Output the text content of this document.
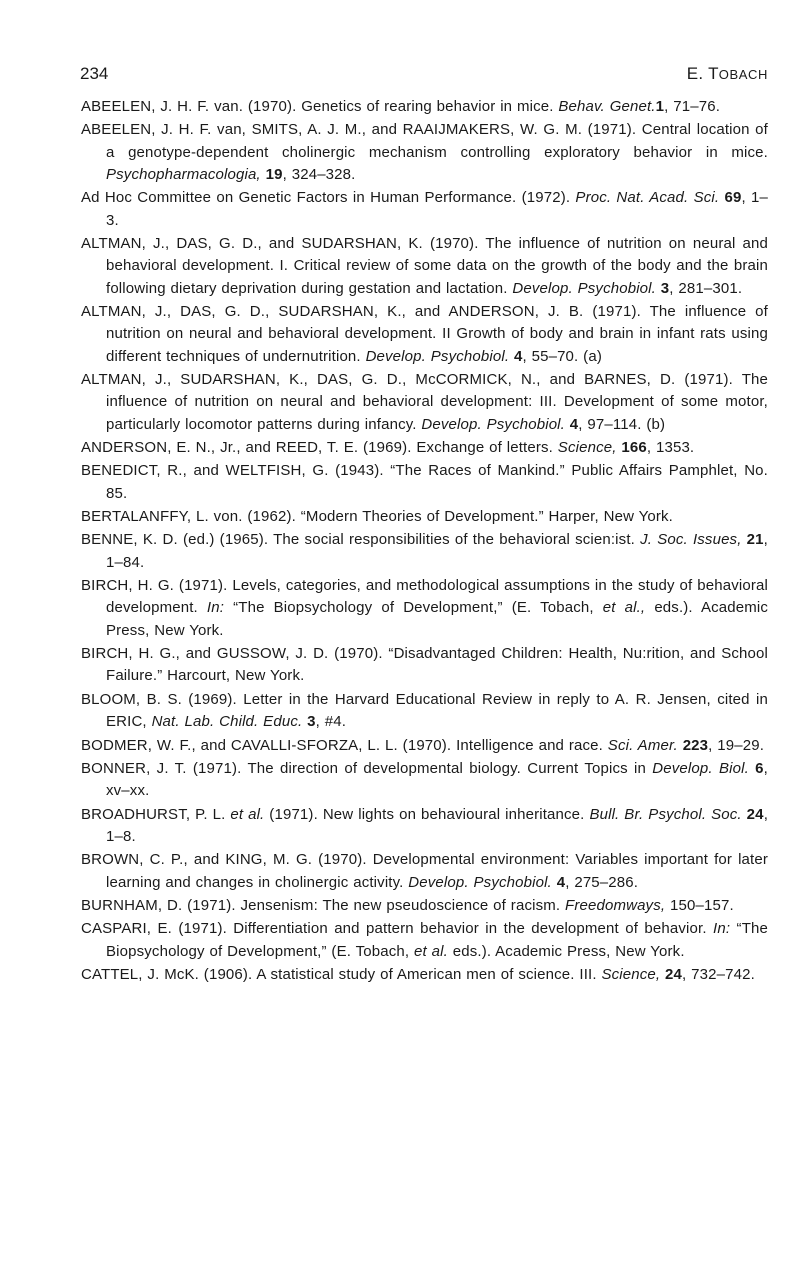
234	E. TOBACH

ABEELEN, J. H. F. van. (1970). Genetics of rearing behavior in mice. Behav. Genet.1, 71–76.

ABEELEN, J. H. F. van, SMITS, A. J. M., and RAAIJMAKERS, W. G. M. (1971). Central location of a genotype-dependent cholinergic mechanism controlling exploratory behavior in mice. Psychopharmacologia, 19, 324–328.

Ad Hoc Committee on Genetic Factors in Human Performance. (1972). Proc. Nat. Acad. Sci. 69, 1–3.

ALTMAN, J., DAS, G. D., and SUDARSHAN, K. (1970). The influence of nutrition on neural and behavioral development. I. Critical review of some data on the growth of the body and the brain following dietary deprivation during gestation and lactation. Develop. Psychobiol. 3, 281–301.

ALTMAN, J., DAS, G. D., SUDARSHAN, K., and ANDERSON, J. B. (1971). The influence of nutrition on neural and behavioral development. II Growth of body and brain in infant rats using different techniques of undernutrition. Develop. Psychobiol. 4, 55–70. (a)

ALTMAN, J., SUDARSHAN, K., DAS, G. D., McCORMICK, N., and BARNES, D. (1971). The influence of nutrition on neural and behavioral development: III. Development of some motor, particularly locomotor patterns during infancy. Develop. Psychobiol. 4, 97–114. (b)

ANDERSON, E. N., Jr., and REED, T. E. (1969). Exchange of letters. Science, 166, 1353.

BENEDICT, R., and WELTFISH, G. (1943). “The Races of Mankind.” Public Affairs Pamphlet, No. 85.

BERTALANFFY, L. von. (1962). “Modern Theories of Development.” Harper, New York.

BENNE, K. D. (ed.) (1965). The social responsibilities of the behavioral scien:ist. J. Soc. Issues, 21, 1–84.

BIRCH, H. G. (1971). Levels, categories, and methodological assumptions in the study of behavioral development. In: “The Biopsychology of Development,” (E. Tobach, et al., eds.). Academic Press, New York.

BIRCH, H. G., and GUSSOW, J. D. (1970). “Disadvantaged Children: Health, Nu:rition, and School Failure.” Harcourt, New York.

BLOOM, B. S. (1969). Letter in the Harvard Educational Review in reply to A. R. Jensen, cited in ERIC, Nat. Lab. Child. Educ. 3, #4.

BODMER, W. F., and CAVALLI-SFORZA, L. L. (1970). Intelligence and race. Sci. Amer. 223, 19–29.

BONNER, J. T. (1971). The direction of developmental biology. Current Topics in Develop. Biol. 6, xv–xx.

BROADHURST, P. L. et al. (1971). New lights on behavioural inheritance. Bull. Br. Psychol. Soc. 24, 1–8.

BROWN, C. P., and KING, M. G. (1970). Developmental environment: Variables important for later learning and changes in cholinergic activity. Develop. Psychobiol. 4, 275–286.

BURNHAM, D. (1971). Jensenism: The new pseudoscience of racism. Freedomways, 150–157.

CASPARI, E. (1971). Differentiation and pattern behavior in the development of behavior. In: “The Biopsychology of Development,” (E. Tobach, et al. eds.). Academic Press, New York.

CATTEL, J. McK. (1906). A statistical study of American men of science. III. Science, 24, 732–742.
